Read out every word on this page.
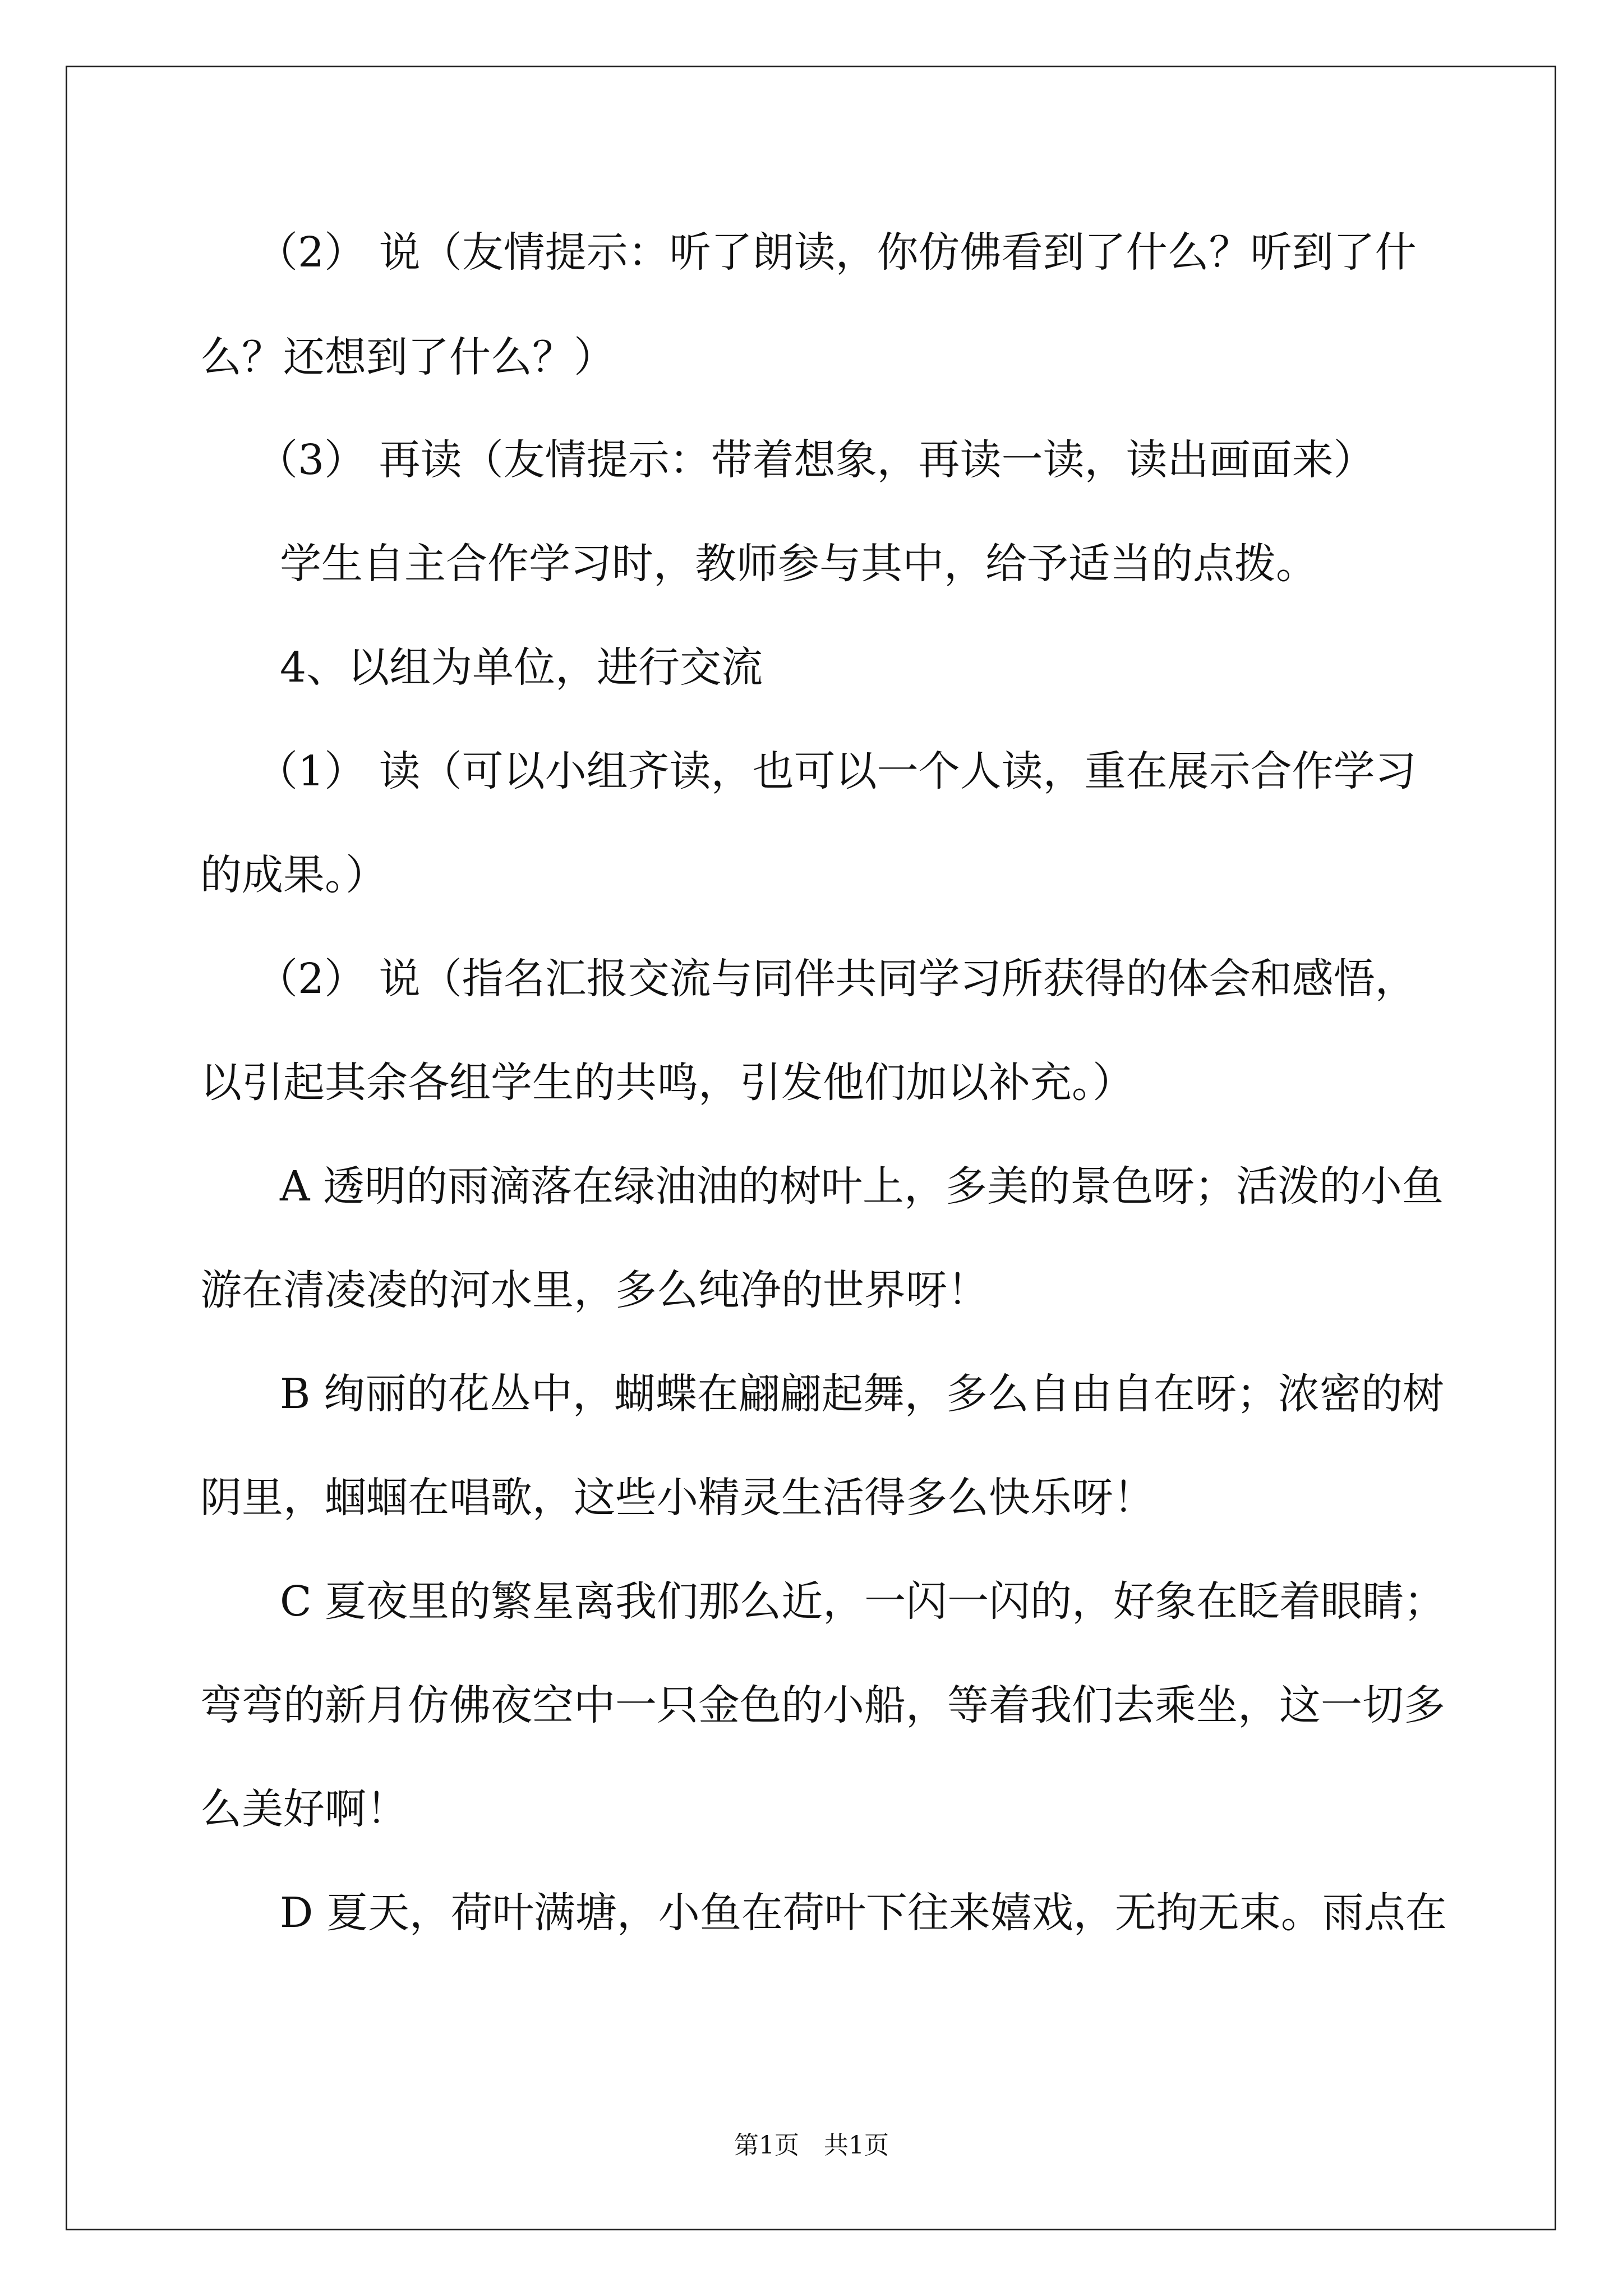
（2） 说（友情提示：听了朗读，你仿佛看到了什么？听到了什
么？还想到了什么？）
（3） 再读（友情提示：带着想象，再读一读，读出画面来）
学生自主合作学习时，教师参与其中，给予适当的点拨。
4、以组为单位，进行交流
（1） 读（可以小组齐读，也可以一个人读，重在展示合作学习
的成果。）
（2） 说（指名汇报交流与同伴共同学习所获得的体会和感悟，
以引起其余各组学生的共鸣，引发他们加以补充。）
A 透明的雨滴落在绿油油的树叶上，多美的景色呀；活泼的小鱼
游在清凌凌的河水里，多么纯净的世界呀！
B 绚丽的花丛中，蝴蝶在翩翩起舞，多么自由自在呀；浓密的树
阴里，蝈蝈在唱歌，这些小精灵生活得多么快乐呀！
C 夏夜里的繁星离我们那么近，一闪一闪的，好象在眨着眼睛；
弯弯的新月仿佛夜空中一只金色的小船，等着我们去乘坐，这一切多
么美好啊！
D 夏天，荷叶满塘，小鱼在荷叶下往来嬉戏，无拘无束。雨点在
第1页　共1页
